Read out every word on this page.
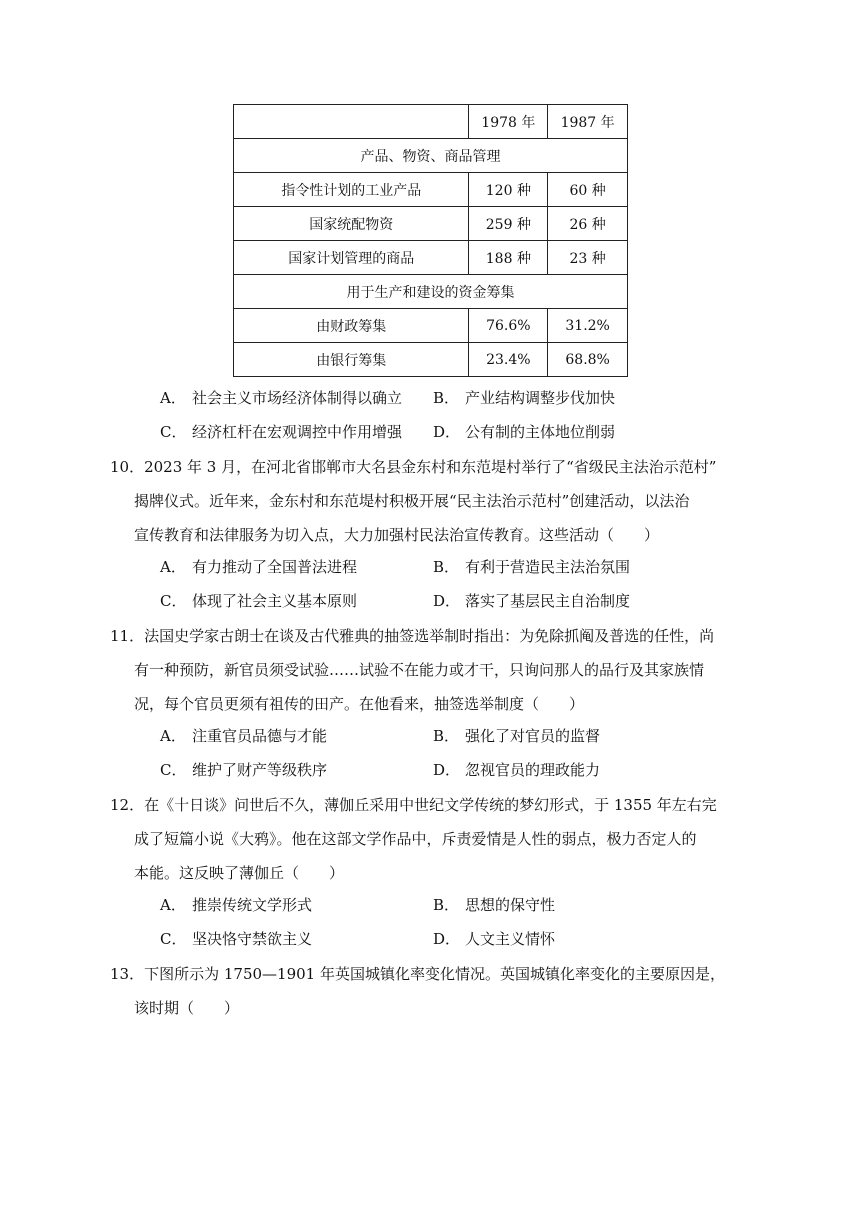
	1978 年	1987 年
产品、物资、商品管理		
指令性计划的工业产品	120 种	60 种
国家统配物资	259 种	26 种
国家计划管理的商品	188 种	23 种
用于生产和建设的资金筹集		
由财政筹集	76.6%	31.2%
由银行筹集	23.4%	68.8%
A． 社会主义市场经济体制得以确立 B． 产业结构调整步伐加快
C． 经济杠杆在宏观调控中作用增强 D． 公有制的主体地位削弱
10．2023 年 3 月，在河北省邯郸市大名县金东村和东范堤村举行了“省级民主法治示范村”
揭牌仪式。近年来，金东村和东范堤村积极开展“民主法治示范村”创建活动，以法治
宣传教育和法律服务为切入点，大力加强村民法治宣传教育。这些活动（　　）
A． 有力推动了全国普法进程	B． 有利于营造民主法治氛围
C． 体现了社会主义基本原则	D． 落实了基层民主自治制度
11．法国史学家古朗士在谈及古代雅典的抽签选举制时指出：为免除抓阄及普选的任性，尚
有一种预防，新官员须受试验……试验不在能力或才干，只询问那人的品行及其家族情
况，每个官员更须有祖传的田产。在他看来，抽签选举制度（　　）
A． 注重官员品德与才能	B． 强化了对官员的监督
C． 维护了财产等级秩序	D． 忽视官员的理政能力
12．在《十日谈》问世后不久，薄伽丘采用中世纪文学传统的梦幻形式，于 1355 年左右完
成了短篇小说《大鸦》。他在这部文学作品中，斥责爱情是人性的弱点，极力否定人的
本能。这反映了薄伽丘（　　）
A． 推崇传统文学形式	B． 思想的保守性
C． 坚决恪守禁欲主义	D． 人文主义情怀
13．下图所示为 1750—1901 年英国城镇化率变化情况。英国城镇化率变化的主要原因是，
该时期（　　）
